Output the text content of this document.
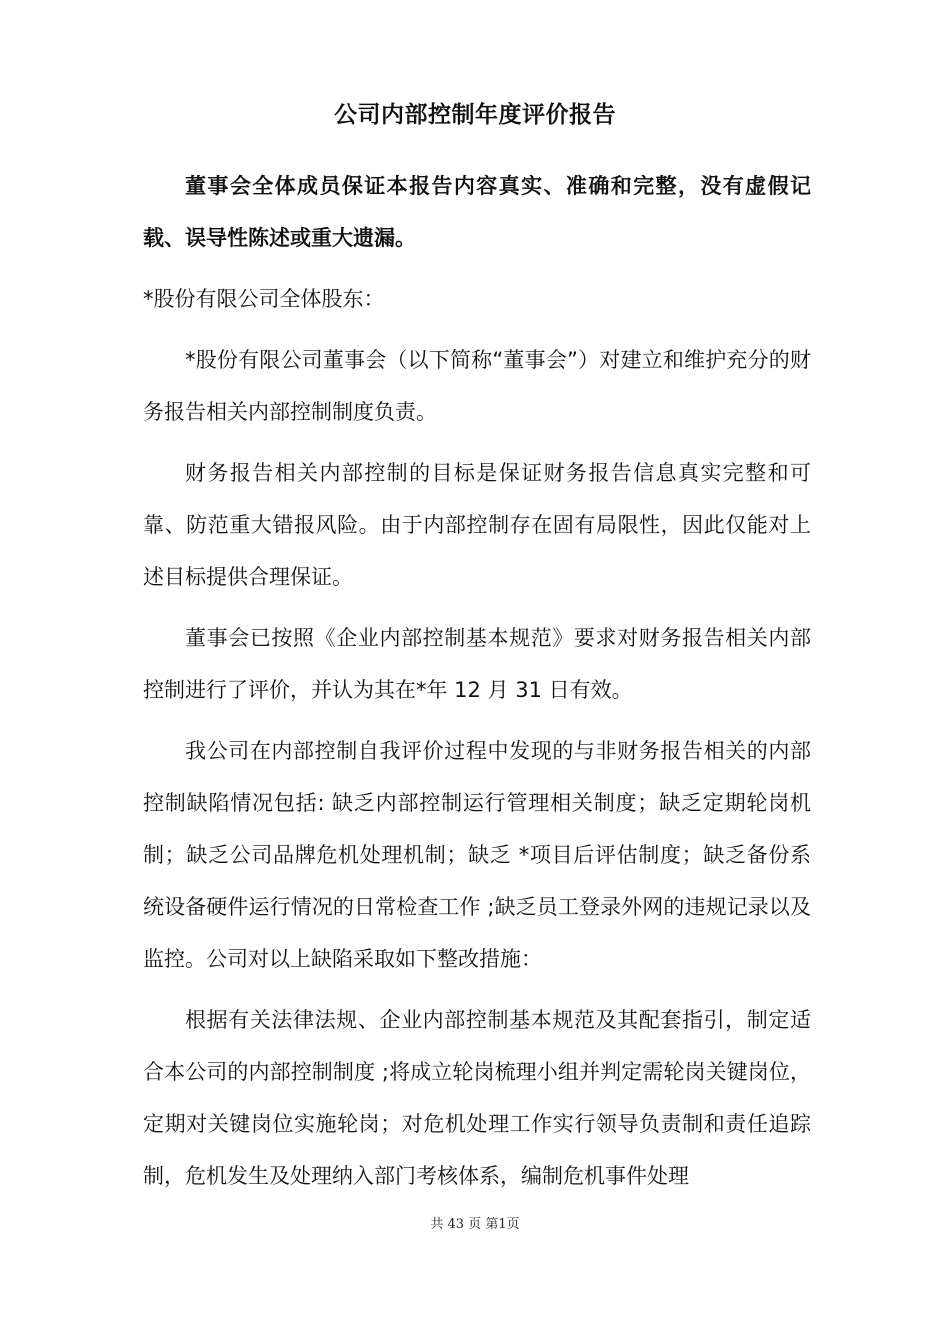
公司内部控制年度评价报告

董事会全体成员保证本报告内容真实、准确和完整，没有虚假记载、误导性陈述或重大遗漏。

*股份有限公司全体股东：

*股份有限公司董事会（以下简称“董事会”）对建立和维护充分的财务报告相关内部控制制度负责。

财务报告相关内部控制的目标是保证财务报告信息真实完整和可靠、防范重大错报风险。由于内部控制存在固有局限性，因此仅能对上述目标提供合理保证。

董事会已按照《企业内部控制基本规范》要求对财务报告相关内部控制进行了评价，并认为其在*年 12 月 31 日有效。

我公司在内部控制自我评价过程中发现的与非财务报告相关的内部控制缺陷情况包括: 缺乏内部控制运行管理相关制度；缺乏定期轮岗机制；缺乏公司品牌危机处理机制；缺乏 *项目后评估制度；缺乏备份系统设备硬件运行情况的日常检查工作 ;缺乏员工登录外网的违规记录以及监控。公司对以上缺陷采取如下整改措施：

根据有关法律法规、企业内部控制基本规范及其配套指引，制定适合本公司的内部控制制度 ;将成立轮岗梳理小组并判定需轮岗关键岗位，定期对关键岗位实施轮岗；对危机处理工作实行领导负责制和责任追踪制，危机发生及处理纳入部门考核体系，编制危机事件处理

共 43 页 第1页
